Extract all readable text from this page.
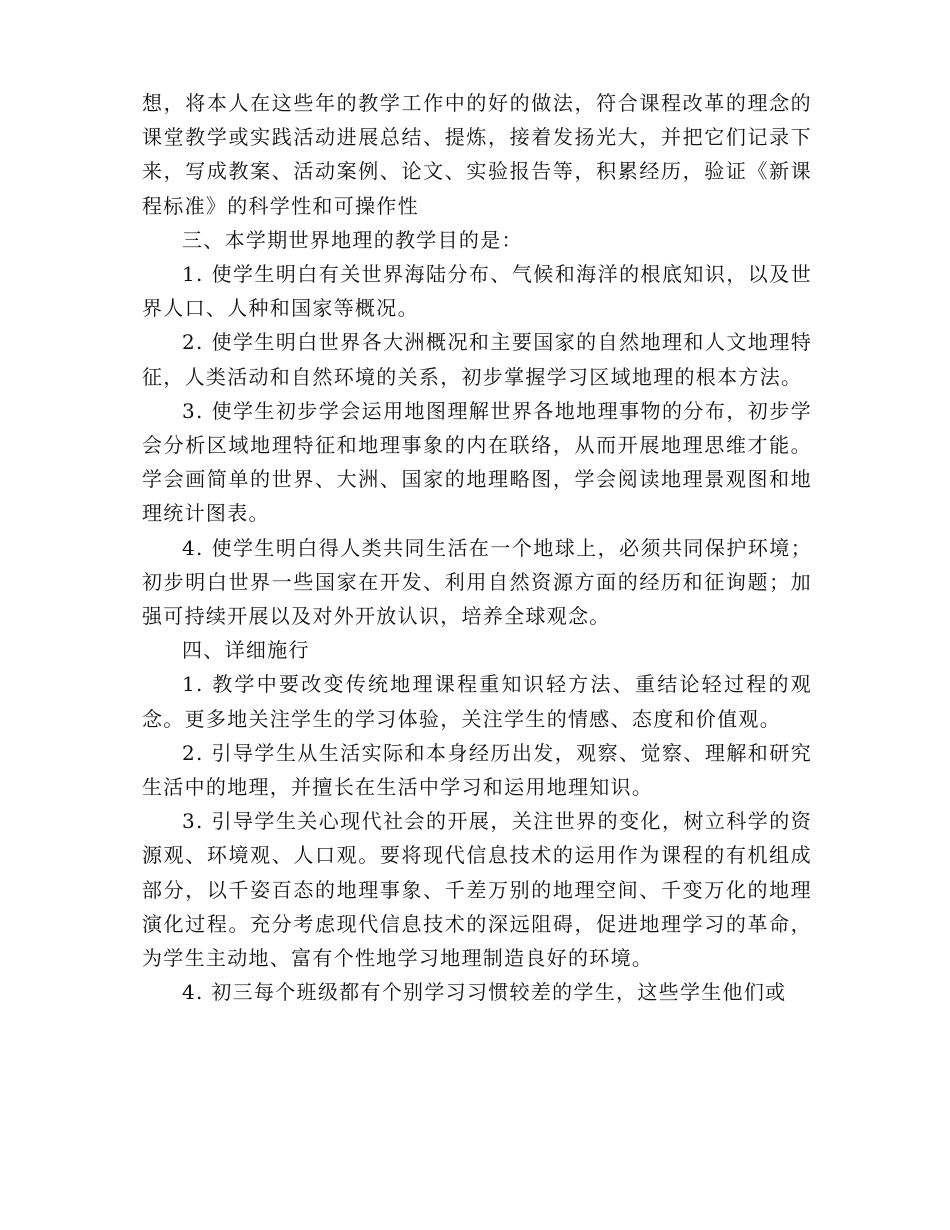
想，将本人在这些年的教学工作中的好的做法，符合课程改革的理念的课堂教学或实践活动进展总结、提炼，接着发扬光大，并把它们记录下来，写成教案、活动案例、论文、实验报告等，积累经历，验证《新课程标准》的科学性和可操作性

三、本学期世界地理的教学目的是：

1. 使学生明白有关世界海陆分布、气候和海洋的根底知识，以及世界人口、人种和国家等概况。

2. 使学生明白世界各大洲概况和主要国家的自然地理和人文地理特征，人类活动和自然环境的关系，初步掌握学习区域地理的根本方法。

3. 使学生初步学会运用地图理解世界各地地理事物的分布，初步学会分析区域地理特征和地理事象的内在联络，从而开展地理思维才能。学会画简单的世界、大洲、国家的地理略图，学会阅读地理景观图和地理统计图表。

4. 使学生明白得人类共同生活在一个地球上，必须共同保护环境；初步明白世界一些国家在开发、利用自然资源方面的经历和征询题；加强可持续开展以及对外开放认识，培养全球观念。

四、详细施行

1. 教学中要改变传统地理课程重知识轻方法、重结论轻过程的观念。更多地关注学生的学习体验，关注学生的情感、态度和价值观。

2. 引导学生从生活实际和本身经历出发，观察、觉察、理解和研究生活中的地理，并擅长在生活中学习和运用地理知识。

3. 引导学生关心现代社会的开展，关注世界的变化，树立科学的资源观、环境观、人口观。要将现代信息技术的运用作为课程的有机组成部分，以千姿百态的地理事象、千差万别的地理空间、千变万化的地理演化过程。充分考虑现代信息技术的深远阻碍，促进地理学习的革命，为学生主动地、富有个性地学习地理制造良好的环境。

4. 初三每个班级都有个别学习习惯较差的学生，这些学生他们或
